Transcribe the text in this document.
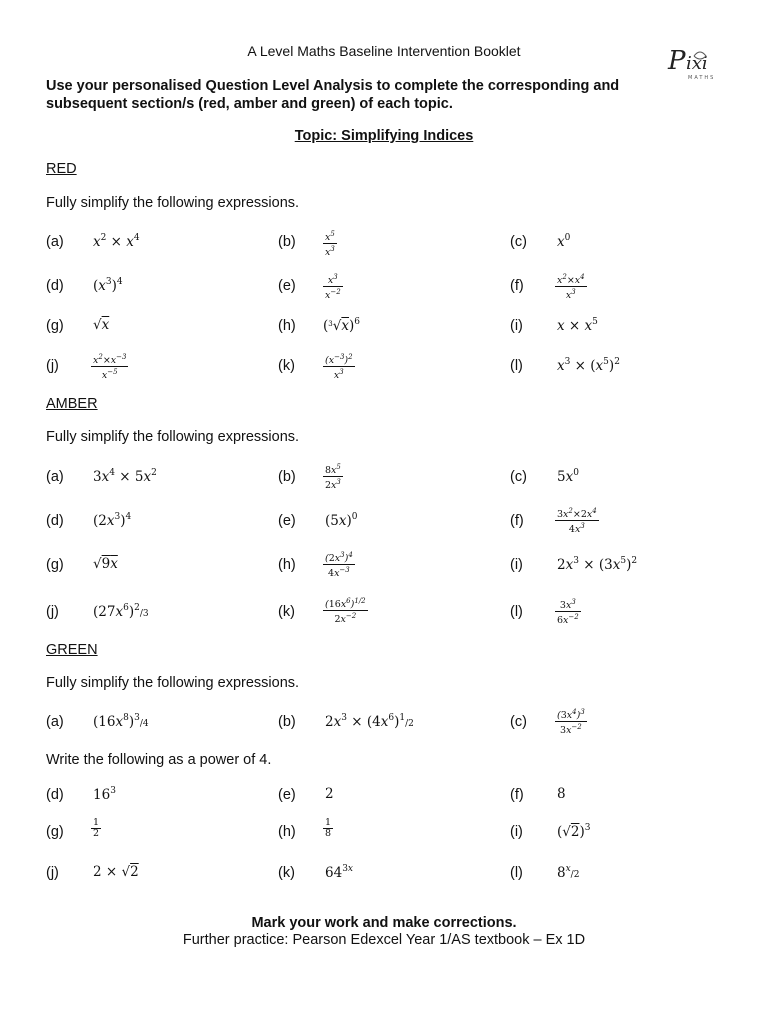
A Level Maths Baseline Intervention Booklet	P ixi
MATHS
Use your personalised Question Level Analysis to complete the corresponding and subsequent section/s (red, amber and green) of each topic.
Topic: Simplifying Indices
RED
Fully simplify the following expressions.
(a) $x^2 \times x^4$	(b)	$\frac{x^5}{x^3}$	(c) $x^0$
(d) $(x^3)^4$	(e)	$\frac{x^3}{x^{-2}}$	(f)	$\frac{x^2\times x^4}{x^3}$
(g) √x	(h) $(^3√x)^6$	(i)	$x \times x^5$
(j)	$\frac{x^2\times x^{-3}}{x^{-5}}$	(k)	$\frac{(x^{-3})^2}{x^3}$	(l)	$x^3 \times (x^5)^2$
AMBER
Fully simplify the following expressions.
(a) $3x^4 \times 5x^2$	(b)	$\frac{8x^5}{2x^3}$	(c) $5x^0$
(d) $(2x^3)^4$	(e) $(5x)^0$	(f)	$\frac{3x^2\times 2x^4}{4x^3}$
(g) √9x	(h)	$\frac{(2x^3)^4}{4x^{-3}}$	(i)	$2x^3 \times (3x^5)^2$
(j)	$(27x^6)^2/3$	(k)	$\frac{(16x^6)^{1/2}}{2x^{-2}}$	(l)	$\frac{3x^3}{6x^{-2}}$
GREEN
Fully simplify the following expressions.
(a) $(16x^8)^3/4$	(b) $2x^3 \times (4x^6)^1/2$	(c)	$\frac{(3x^4)^3}{3x^{-2}}$
Write the following as a power of 4.
(d) $16^3$	(e) 2	(f) 8
(g)	$\frac{1}{2}$	(h)	$\frac{1}{8}$	(i)	$(√2)^3$
(j)	2 × √2	(k) $64^{3x}$	(l)	8$^x$/2
Mark your work and make corrections.
Further practice: Pearson Edexcel Year 1/AS textbook – Ex 1D
